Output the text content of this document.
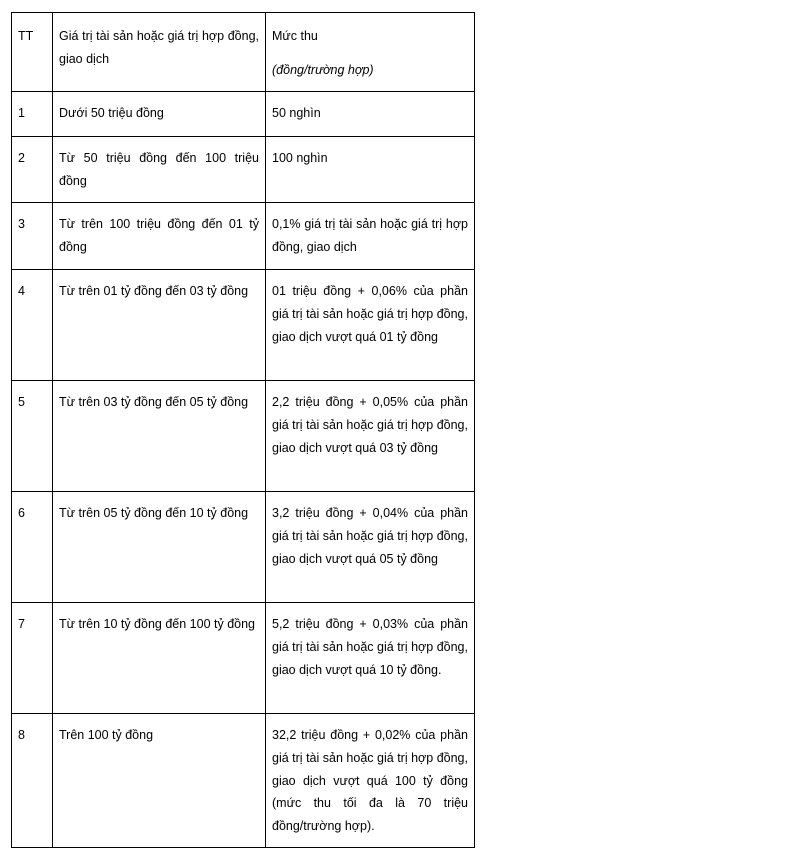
TT	Giá trị tài sản hoặc giá trị hợp đồng, giao dịch	Mức thu
(đồng/trường hợp)

1	Dưới 50 triệu đồng	50 nghìn

2	Từ 50 triệu đồng đến 100 triệu đồng	100 nghìn

3	Từ trên 100 triệu đồng đến 01 tỷ đồng	0,1% giá trị tài sản hoặc giá trị hợp đồng, giao dịch

4	Từ trên 01 tỷ đồng đến 03 tỷ đồng	01 triệu đồng + 0,06% của phần giá trị tài sản hoặc giá trị hợp đồng, giao dịch vượt quá 01 tỷ đồng

5	Từ trên 03 tỷ đồng đến 05 tỷ đồng	2,2 triệu đồng + 0,05% của phần giá trị tài sản hoặc giá trị hợp đồng, giao dịch vượt quá 03 tỷ đồng

6	Từ trên 05 tỷ đồng đến 10 tỷ đồng	3,2 triệu đồng + 0,04% của phần giá trị tài sản hoặc giá trị hợp đồng, giao dịch vượt quá 05 tỷ đồng

7	Từ trên 10 tỷ đồng đến 100 tỷ đồng	5,2 triệu đồng + 0,03% của phần giá trị tài sản hoặc giá trị hợp đồng, giao dịch vượt quá 10 tỷ đồng.

8	Trên 100 tỷ đồng	32,2 triệu đồng + 0,02% của phần giá trị tài sản hoặc giá trị hợp đồng, giao dịch vượt quá 100 tỷ đồng (mức thu tối đa là 70 triệu đồng/trường hợp).
